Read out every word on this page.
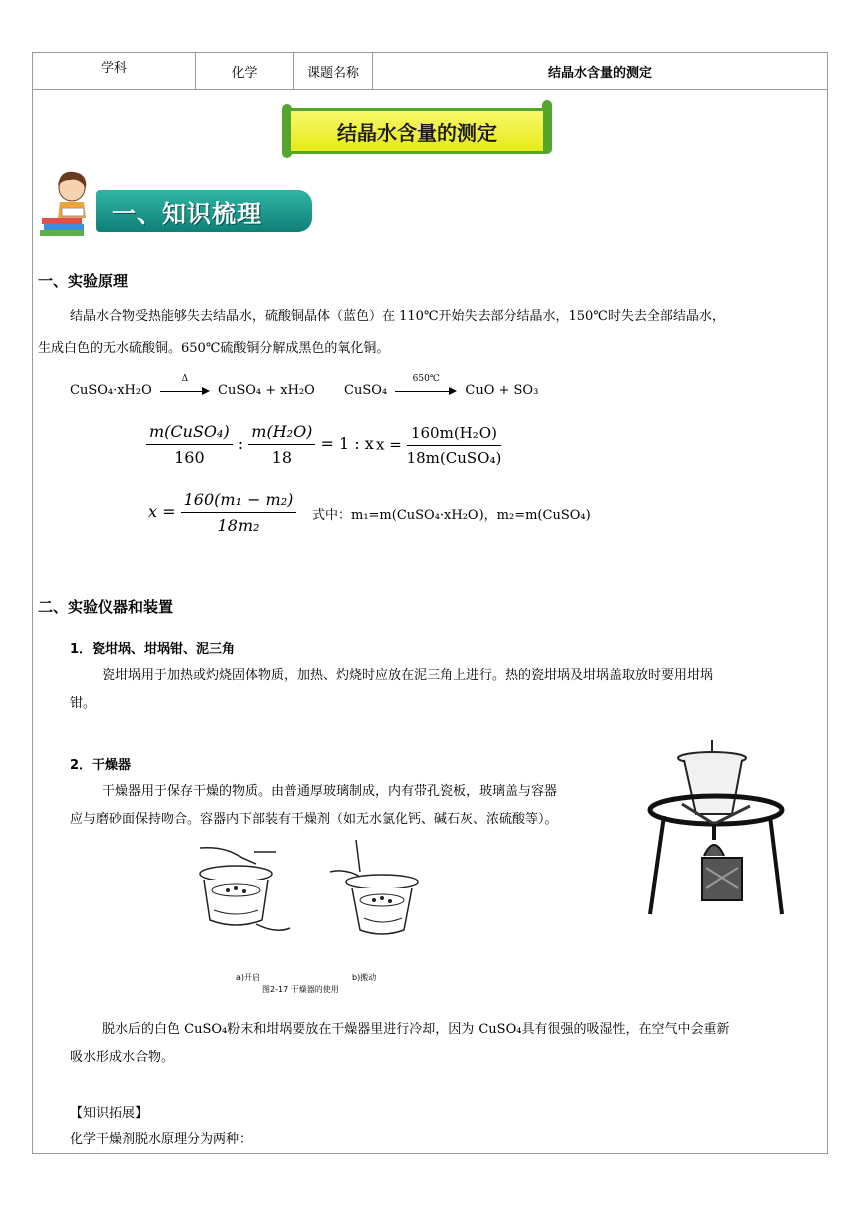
学科	化学	课题名称	结晶水含量的测定
结晶水含量的测定
一、知识梳理
一、实验原理
结晶水合物受热能够失去结晶水，硫酸铜晶体（蓝色）在 110℃开始失去部分结晶水，150℃时失去全部结晶水，
生成白色的无水硫酸铜。650℃硫酸铜分解成黑色的氧化铜。
CuSO₄·xH₂O
Δ
CuSO₄ + xH₂O CuSO₄
650℃
CuO + SO₃
$\frac{\text{m(CuSO₄)}}{160}$ : $\frac{\text{m(H₂O)}}{18} = 1$ : x $x = \frac{\text{160m(H₂O)}}{\text{18m(CuSO₄)}}$
$x = \frac{\text{160(m₁ − m₂)}}{\text{18m₂}}$ 式中：m₁=m(CuSO₄·xH₂O)，m₂=m(CuSO₄)
二、实验仪器和装置
1．瓷坩埚、坩埚钳、泥三角
瓷坩埚用于加热或灼烧固体物质，加热、灼烧时应放在泥三角上进行。热的瓷坩埚及坩埚盖取放时要用坩埚
钳。
2．干燥器
干燥器用于保存干燥的物质。由普通厚玻璃制成，内有带孔瓷板，玻璃盖与容器
应与磨砂面保持吻合。容器内下部装有干燥剂（如无水氯化钙、碱石灰、浓硫酸等）。
a)开启	b)搬动
图2-17 干燥器的使用
脱水后的白色 CuSO₄粉末和坩埚要放在干燥器里进行冷却，因为 CuSO₄具有很强的吸湿性，在空气中会重新
吸水形成水合物。
【知识拓展】
化学干燥剂脱水原理分为两种：
